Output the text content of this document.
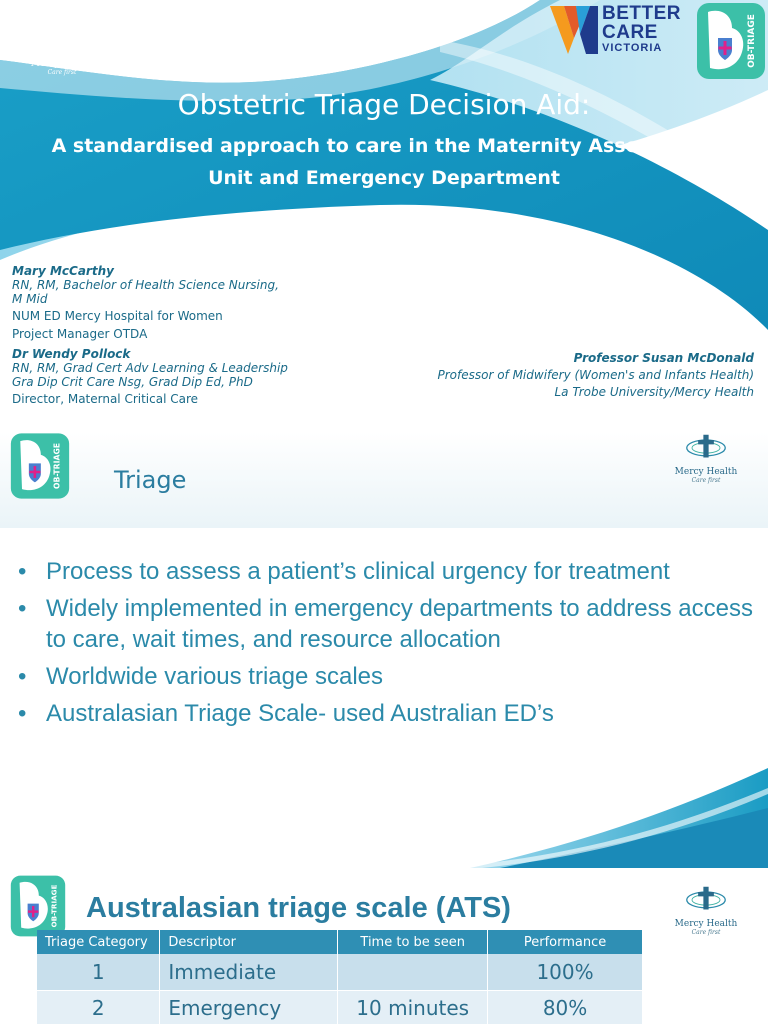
Mercy Health
Care first
BETTER
CARE
VICTORIA	OB-TRIAGE
Obstetric Triage Decision Aid:
A standardised approach to care in the Maternity Assessment
Unit and Emergency Department
Mary McCarthy
RN, RM, Bachelor of Health Science Nursing,
M Mid
NUM ED Mercy Hospital for Women
Project Manager OTDA
Dr Wendy Pollock
RN, RM, Grad Cert Adv Learning & Leadership
Gra Dip Crit Care Nsg, Grad Dip Ed, PhD
Director, Maternal Critical Care
Professor Susan McDonald
Professor of Midwifery (Women's and Infants Health)
La Trobe University/Mercy Health
OB-TRIAGE Triage	Mercy Health
Care first
• Process to assess a patient’s clinical urgency for treatment
• Widely implemented in emergency departments to address access to care, wait times, and resource allocation
• Worldwide various triage scales
• Australasian Triage Scale- used Australian ED’s
OB-TRIAGE Australasian triage scale (ATS)	Mercy Health
Care first
Triage Category	Descriptor	Time to be seen	Performance
1	Immediate		100%
2	Emergency	10 minutes	80%
